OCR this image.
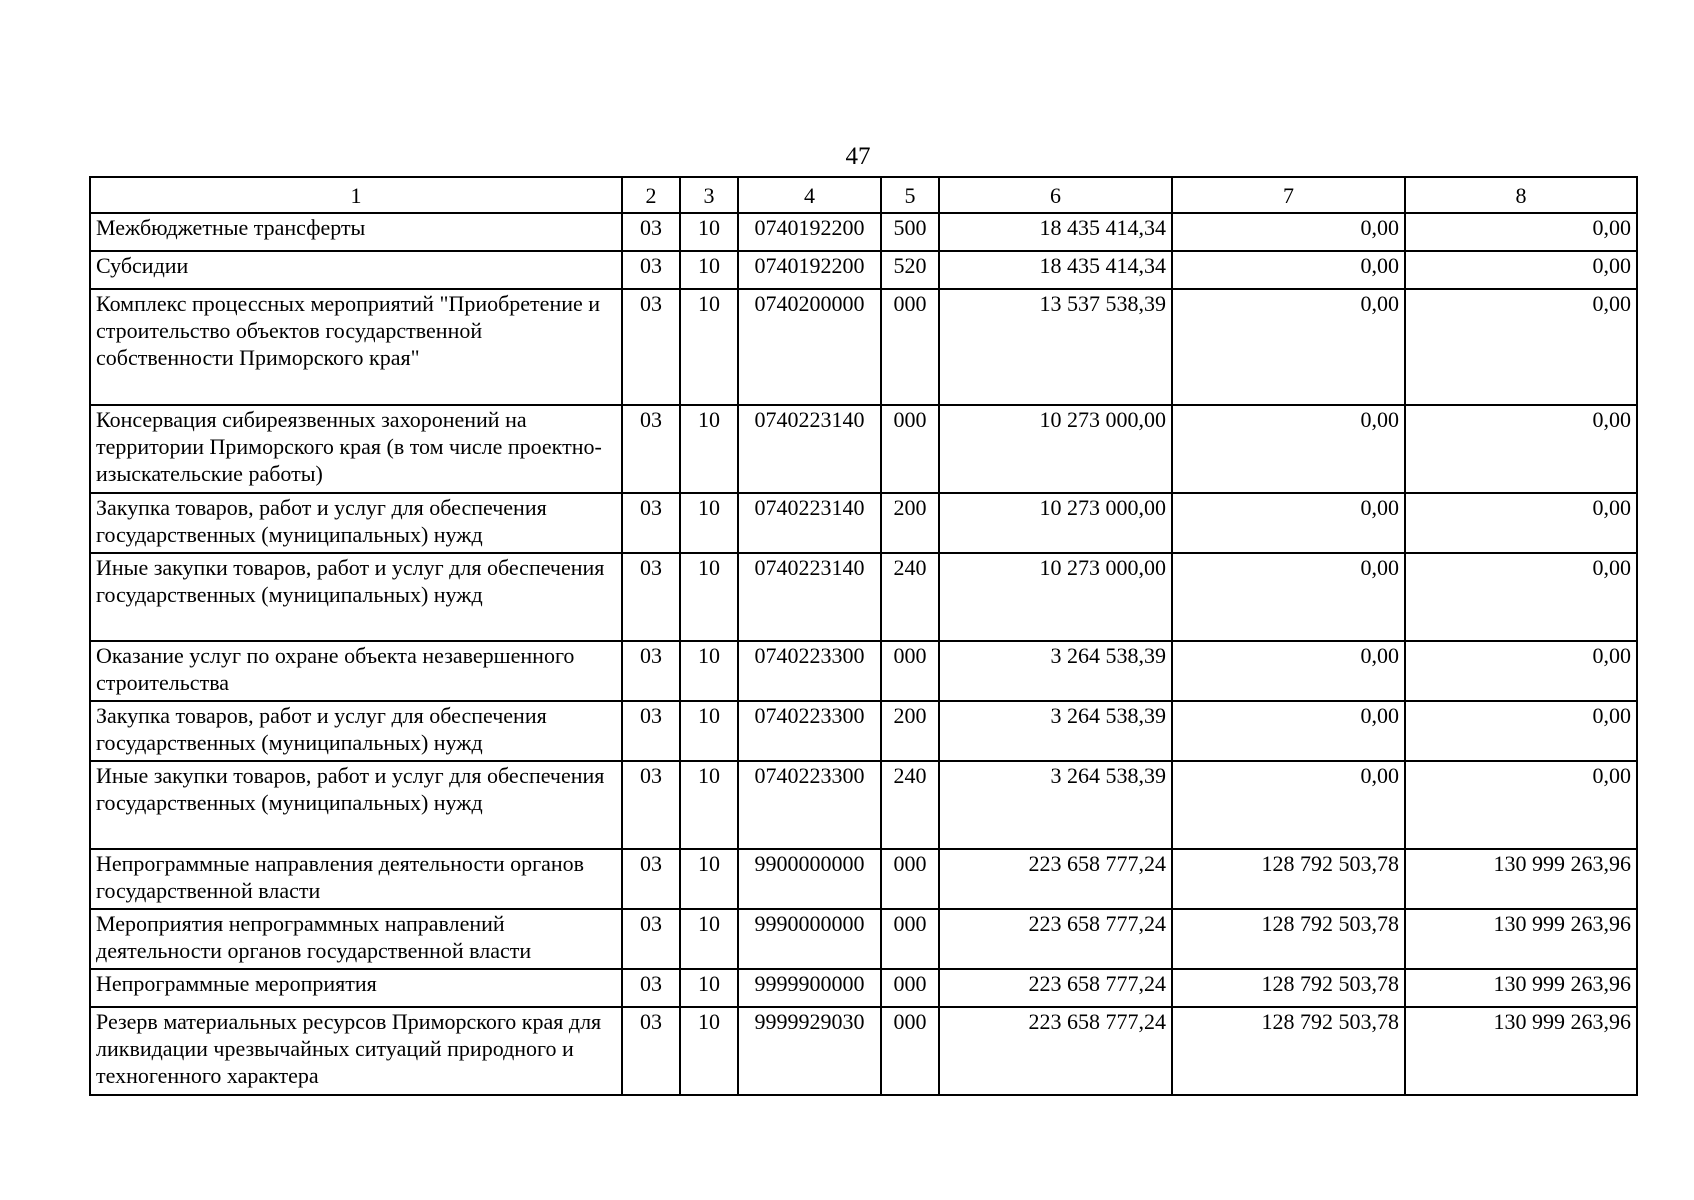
47
1	2	3	4	5	6	7	8
Межбюджетные трансферты	03	10	0740192200	500	18 435 414,34	0,00	0,00
Субсидии	03	10	0740192200	520	18 435 414,34	0,00	0,00
Комплекс процессных мероприятий "Приобретение и строительство объектов государственной собственности Приморского края"	03	10	0740200000	000	13 537 538,39	0,00	0,00
Консервация сибиреязвенных захоронений на территории Приморского края (в том числе проектно-изыскательские работы)	03	10	0740223140	000	10 273 000,00	0,00	0,00
Закупка товаров, работ и услуг для обеспечения государственных (муниципальных) нужд	03	10	0740223140	200	10 273 000,00	0,00	0,00
Иные закупки товаров, работ и услуг для обеспечения государственных (муниципальных) нужд	03	10	0740223140	240	10 273 000,00	0,00	0,00
Оказание услуг по охране объекта незавершенного строительства	03	10	0740223300	000	3 264 538,39	0,00	0,00
Закупка товаров, работ и услуг для обеспечения государственных (муниципальных) нужд	03	10	0740223300	200	3 264 538,39	0,00	0,00
Иные закупки товаров, работ и услуг для обеспечения государственных (муниципальных) нужд	03	10	0740223300	240	3 264 538,39	0,00	0,00
Непрограммные направления деятельности органов государственной власти	03	10	9900000000	000	223 658 777,24	128 792 503,78	130 999 263,96
Мероприятия непрограммных направлений деятельности органов государственной власти	03	10	9990000000	000	223 658 777,24	128 792 503,78	130 999 263,96
Непрограммные мероприятия	03	10	9999900000	000	223 658 777,24	128 792 503,78	130 999 263,96
Резерв материальных ресурсов Приморского края для ликвидации чрезвычайных ситуаций природного и техногенного характера	03	10	9999929030	000	223 658 777,24	128 792 503,78	130 999 263,96
